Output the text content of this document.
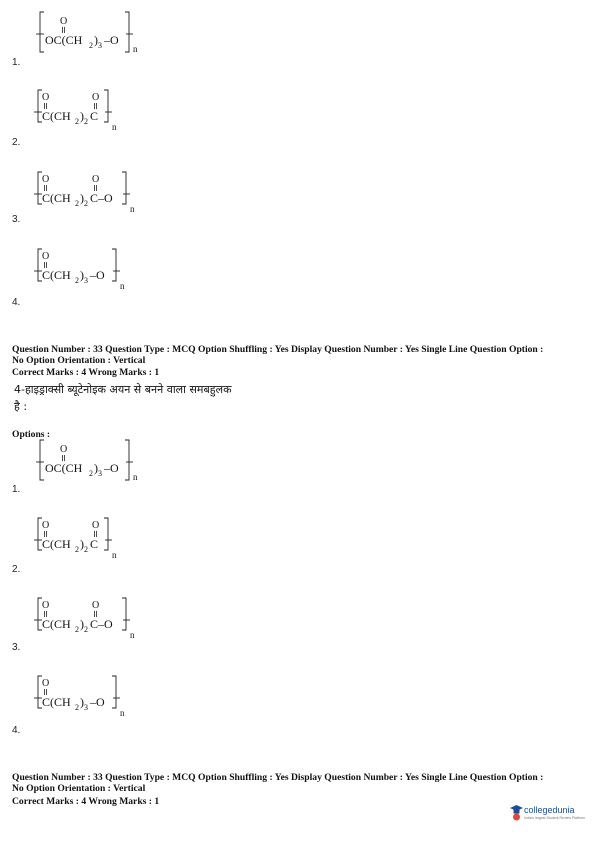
O
OC(CH 2 ) 3 –O
n
1.
O	O
C(CH 2 ) 2 C
n
2.
O	O
C(CH 2 ) 2 C–O
n
3.
O
C(CH 2 ) 3 –O
n
4.
Question Number : 33 Question Type : MCQ Option Shuffling : Yes Display Question Number : Yes Single Line Question Option :
No Option Orientation : Vertical
Correct Marks : 4 Wrong Marks : 1
4-हाइड्राक्सी ब्यूटेनोइक अयन से बनने वाला समबहुलक
है :
Options :
O
OC(CH 2 ) 3 –O
n
1.
O	O
C(CH 2 ) 2 C
n
2.
O	O
C(CH 2 ) 2 C–O
n
3.
O
C(CH 2 ) 3 –O
n
4.
Question Number : 33 Question Type : MCQ Option Shuffling : Yes Display Question Number : Yes Single Line Question Option :
No Option Orientation : Vertical
Correct Marks : 4 Wrong Marks : 1
collegedunia
India's largest Student Review Platform
